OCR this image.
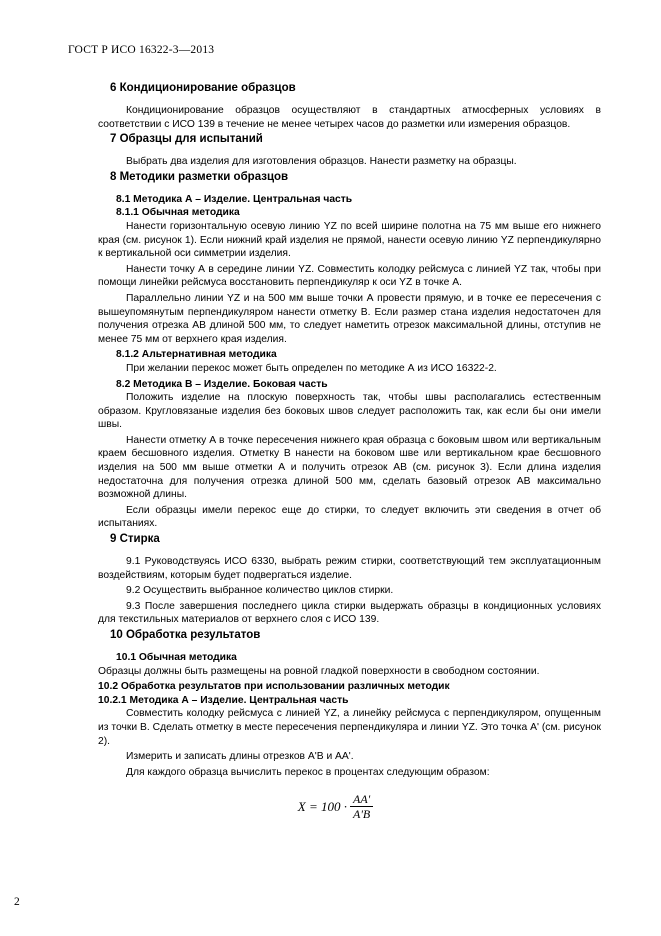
ГОСТ Р ИСО 16322-3—2013
6 Кондиционирование образцов

Кондиционирование образцов осуществляют в стандартных атмосферных условиях в соответствии с ИСО 139 в течение не менее четырех часов до разметки или измерения образцов.

7 Образцы для испытаний

Выбрать два изделия для изготовления образцов. Нанести разметку на образцы.

8 Методики разметки образцов

8.1 Методика А – Изделие. Центральная часть

8.1.1 Обычная методика

Нанести горизонтальную осевую линию YZ по всей ширине полотна на 75 мм выше его нижнего края (см. рисунок 1). Если нижний край изделия не прямой, нанести осевую линию YZ перпендикулярно к вертикальной оси симметрии изделия.

Нанести точку А в середине линии YZ. Совместить колодку рейсмуса с линией YZ так, чтобы при помощи линейки рейсмуса восстановить перпендикуляр к оси YZ в точке А.

Параллельно линии YZ и на 500 мм выше точки А провести прямую, и в точке ее пересечения с вышеупомянутым перпендикуляром нанести отметку В. Если размер стана изделия недостаточен для получения отрезка АВ длиной 500 мм, то следует наметить отрезок максимальной длины, отступив не менее 75 мм от верхнего края изделия.

8.1.2 Альтернативная методика

При желании перекос может быть определен по методике А из ИСО 16322-2.

8.2 Методика В – Изделие. Боковая часть

Положить изделие на плоскую поверхность так, чтобы швы располагались естественным образом. Кругловязаные изделия без боковых швов следует расположить так, как если бы они имели швы.

Нанести отметку А в точке пересечения нижнего края образца с боковым швом или вертикальным краем бесшовного изделия. Отметку В нанести на боковом шве или вертикальном крае бесшовного изделия на 500 мм выше отметки А и получить отрезок АВ (см. рисунок 3). Если длина изделия недостаточна для получения отрезка длиной 500 мм, сделать базовый отрезок АВ максимально возможной длины.

Если образцы имели перекос еще до стирки, то следует включить эти сведения в отчет об испытаниях.

9 Стирка

9.1 Руководствуясь ИСО 6330, выбрать режим стирки, соответствующий тем эксплуатационным воздействиям, которым будет подвергаться изделие.

9.2 Осуществить выбранное количество циклов стирки.

9.3 После завершения последнего цикла стирки выдержать образцы в кондиционных условиях для текстильных материалов от верхнего слоя с ИСО 139.

10 Обработка результатов

10.1 Обычная методика

Образцы должны быть размещены на ровной гладкой поверхности в свободном состоянии.

10.2 Обработка результатов при использовании различных методик

10.2.1 Методика А – Изделие. Центральная часть

Совместить колодку рейсмуса с линией YZ, а линейку рейсмуса с перпендикуляром, опущенным из точки В. Сделать отметку в месте пересечения перпендикуляра и линии YZ. Это точка А' (см. рисунок 2).

Измерить и записать длины отрезков А'В и АА'.

Для каждого образца вычислить перекос в процентах следующим образом:

$X = 100 \cdot \frac{AA'}{A'B}$
2
